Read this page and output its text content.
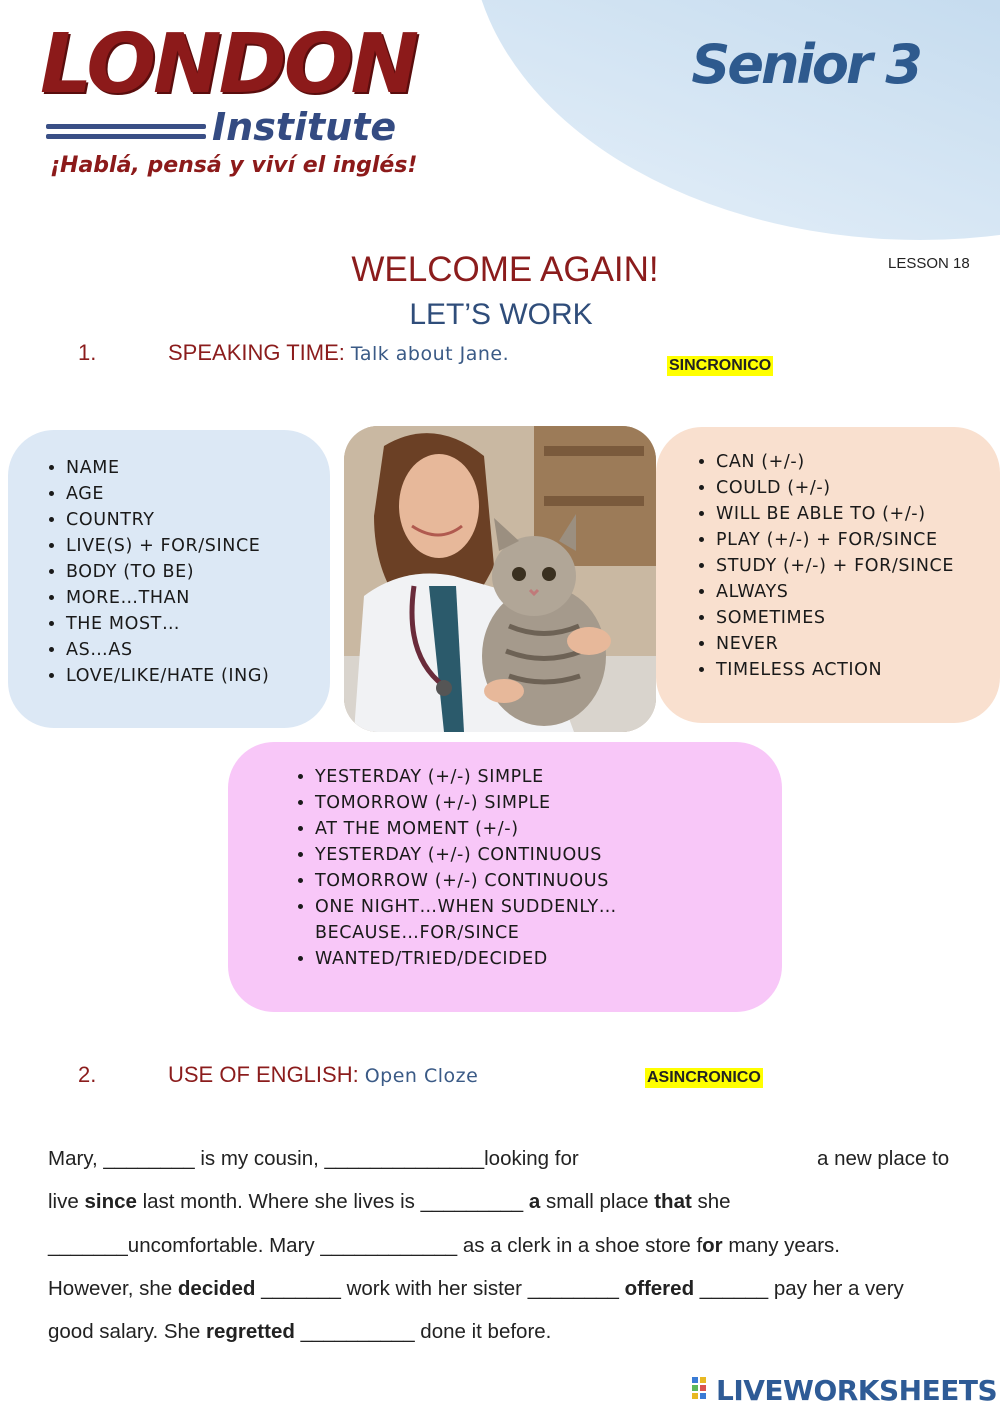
LONDON
Institute
¡Hablá, pensá y viví el inglés!
Senior 3
WELCOME AGAIN!	LESSON 18
LET’S WORK
1.	SPEAKING TIME: Talk about Jane.
SINCRONICO
• NAME
• AGE
• COUNTRY
• LIVE(S) + FOR/SINCE
• BODY (TO BE)
• MORE…THAN
• THE MOST…
• AS…AS
• LOVE/LIKE/HATE (ING)
• CAN (+/-)
• COULD (+/-)
• WILL BE ABLE TO (+/-)
• PLAY (+/-) + FOR/SINCE
• STUDY (+/-) + FOR/SINCE
• ALWAYS
• SOMETIMES
• NEVER
• TIMELESS ACTION
• YESTERDAY (+/-) SIMPLE
• TOMORROW (+/-) SIMPLE
• AT THE MOMENT (+/-)
• YESTERDAY (+/-) CONTINUOUS
• TOMORROW (+/-) CONTINUOUS
• ONE NIGHT…WHEN SUDDENLY…BECAUSE…FOR/SINCE
• WANTED/TRIED/DECIDED
2.	USE OF ENGLISH: Open Cloze	ASINCRONICO
Mary, ________ is my cousin, ______________looking for	a new place to
live since last month. Where she lives is _________ a small place that she
_______uncomfortable. Mary ____________ as a clerk in a shoe store for many years.
However, she decided _______ work with her sister ________ offered ______ pay her a very
good salary. She regretted __________ done it before.
LIVEWORKSHEETS
